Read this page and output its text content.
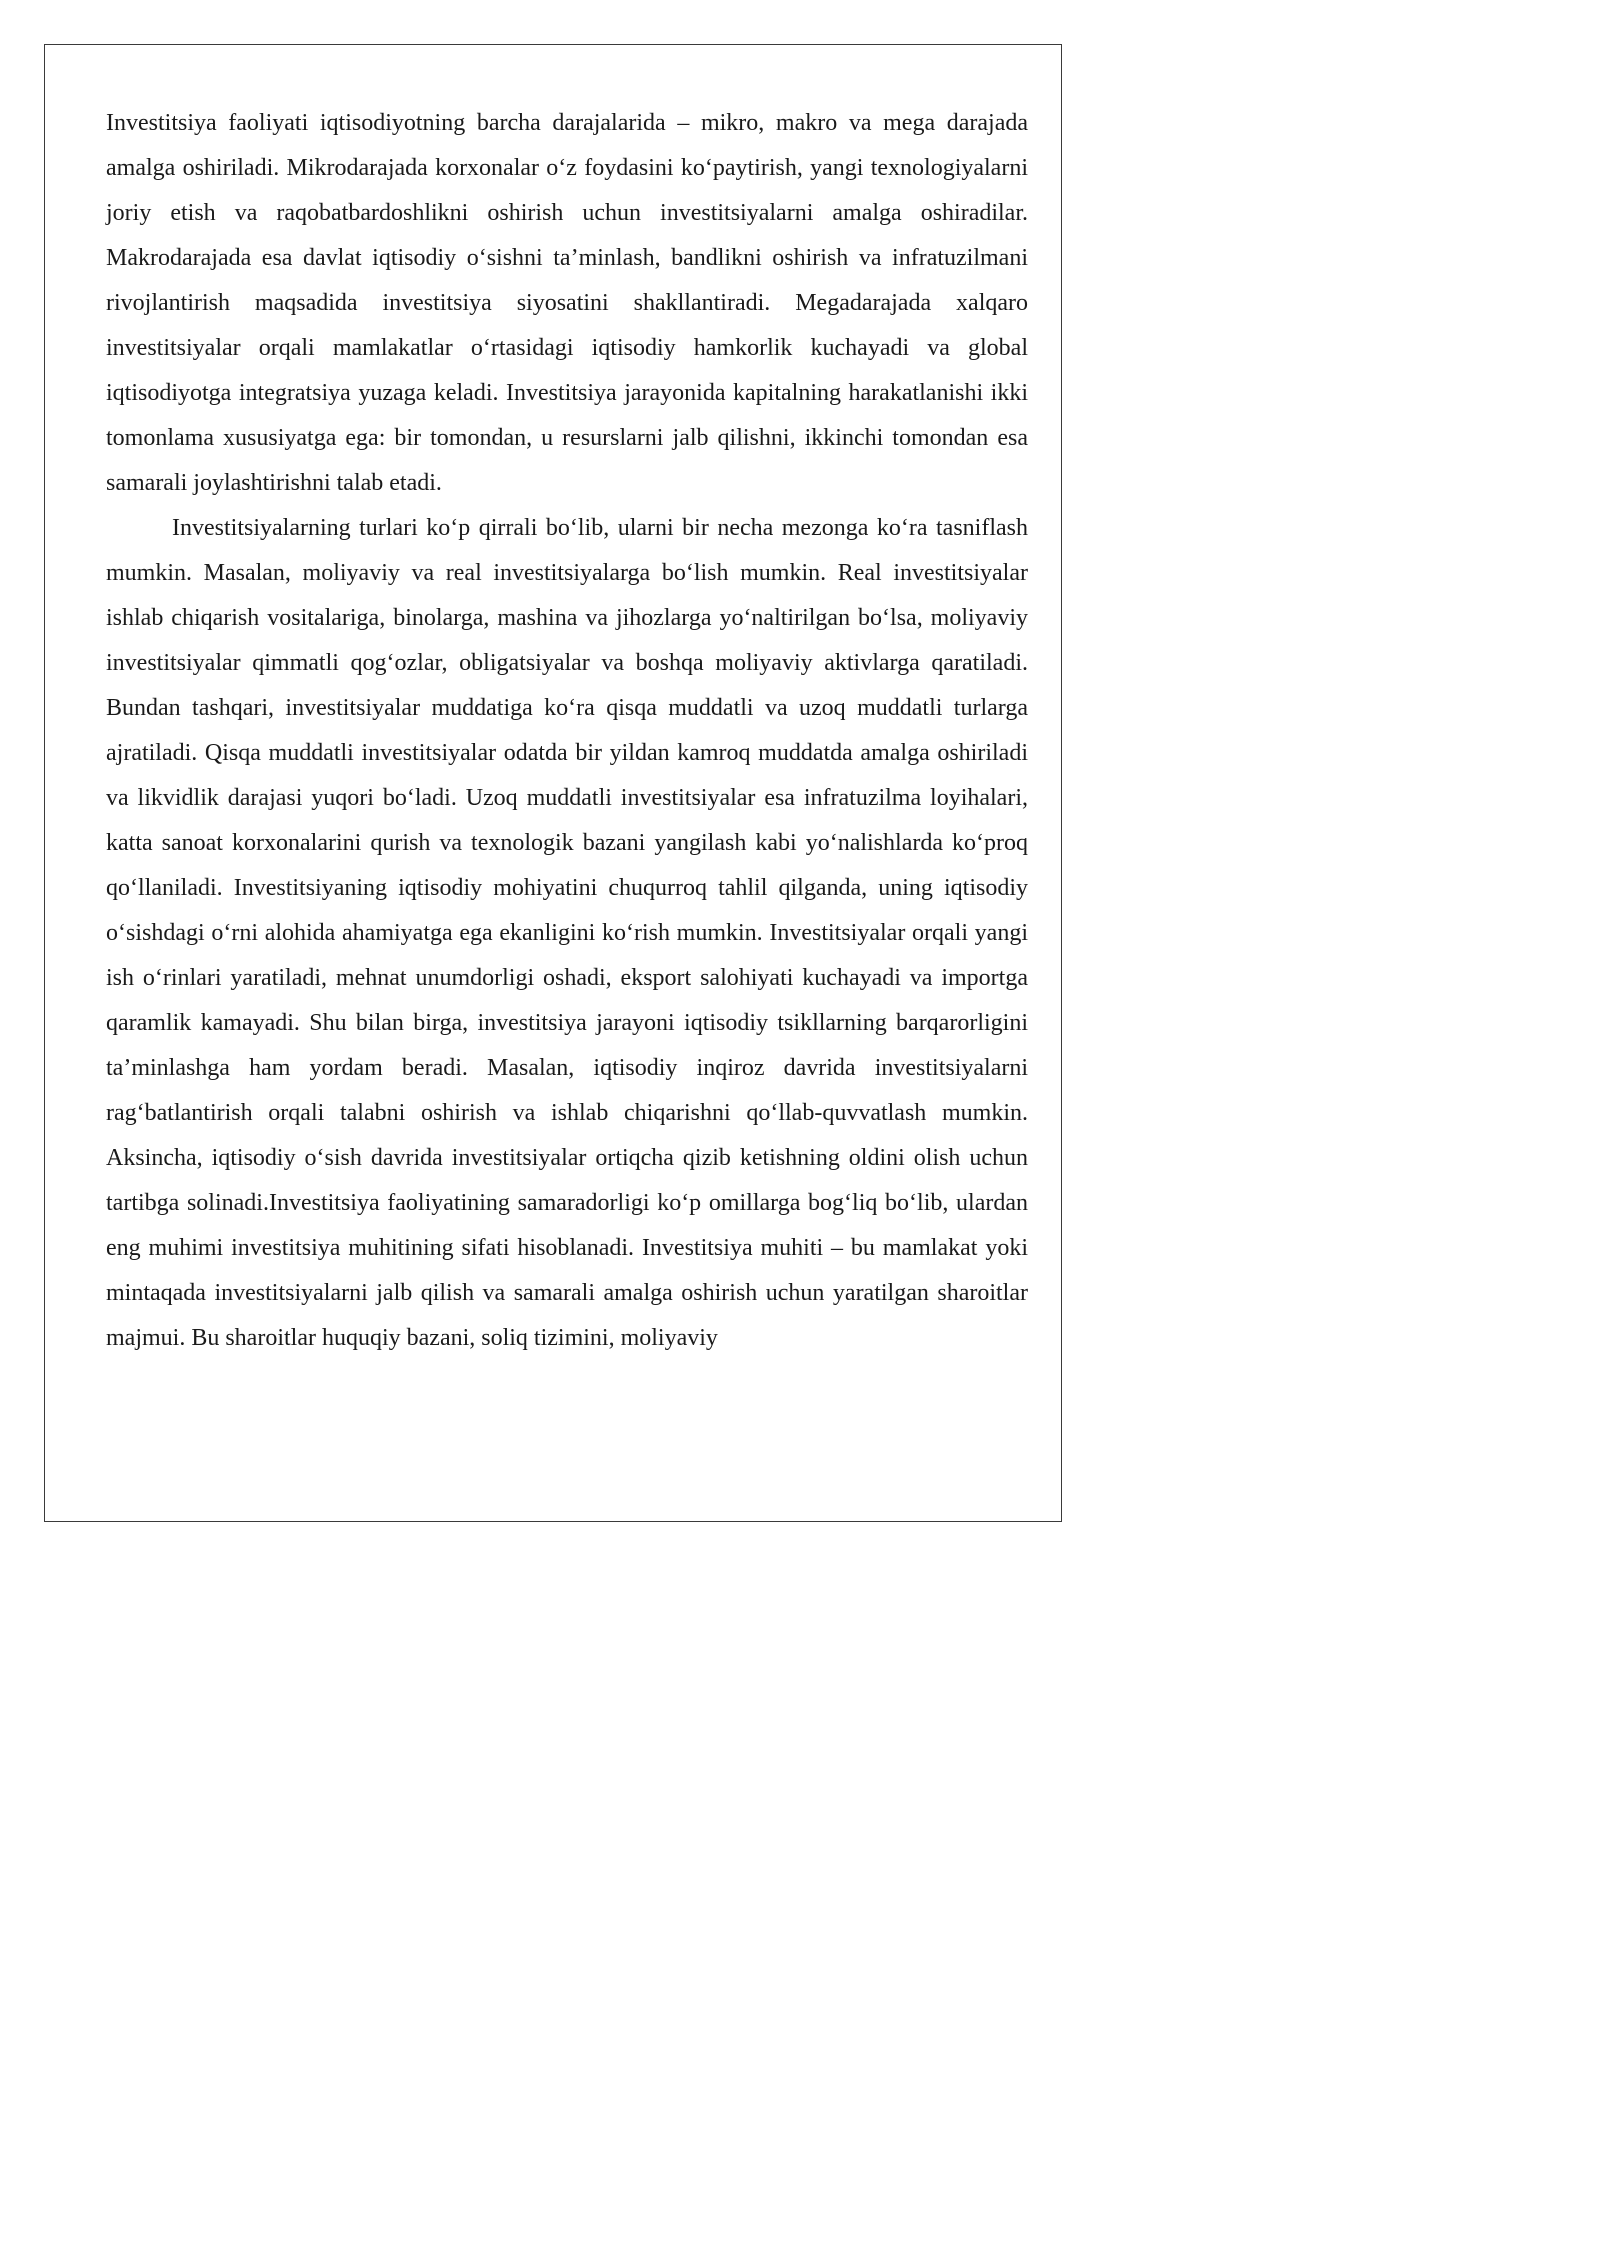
Investitsiya faoliyati iqtisodiyotning barcha darajalarida – mikro, makro va mega darajada amalga oshiriladi. Mikrodarajada korxonalar o‘z foydasini ko‘paytirish, yangi texnologiyalarni joriy etish va raqobatbardoshlikni oshirish uchun investitsiyalarni amalga oshiradilar. Makrodarajada esa davlat iqtisodiy o‘sishni ta’minlash, bandlikni oshirish va infratuzilmani rivojlantirish maqsadida investitsiya siyosatini shakllantiradi. Megadarajada xalqaro investitsiyalar orqali mamlakatlar o‘rtasidagi iqtisodiy hamkorlik kuchayadi va global iqtisodiyotga integratsiya yuzaga keladi. Investitsiya jarayonida kapitalning harakatlanishi ikki tomonlama xususiyatga ega: bir tomondan, u resurslarni jalb qilishni, ikkinchi tomondan esa samarali joylashtirishni talab etadi.

Investitsiyalarning turlari ko‘p qirrali bo‘lib, ularni bir necha mezonga ko‘ra tasniflash mumkin. Masalan, moliyaviy va real investitsiyalarga bo‘lish mumkin. Real investitsiyalar ishlab chiqarish vositalariga, binolarga, mashina va jihozlarga yo‘naltirilgan bo‘lsa, moliyaviy investitsiyalar qimmatli qog‘ozlar, obligatsiyalar va boshqa moliyaviy aktivlarga qaratiladi. Bundan tashqari, investitsiyalar muddatiga ko‘ra qisqa muddatli va uzoq muddatli turlarga ajratiladi. Qisqa muddatli investitsiyalar odatda bir yildan kamroq muddatda amalga oshiriladi va likvidlik darajasi yuqori bo‘ladi. Uzoq muddatli investitsiyalar esa infratuzilma loyihalari, katta sanoat korxonalarini qurish va texnologik bazani yangilash kabi yo‘nalishlarda ko‘proq qo‘llaniladi. Investitsiyaning iqtisodiy mohiyatini chuqurroq tahlil qilganda, uning iqtisodiy o‘sishdagi o‘rni alohida ahamiyatga ega ekanligini ko‘rish mumkin. Investitsiyalar orqali yangi ish o‘rinlari yaratiladi, mehnat unumdorligi oshadi, eksport salohiyati kuchayadi va importga qaramlik kamayadi. Shu bilan birga, investitsiya jarayoni iqtisodiy tsikllarning barqarorligini ta’minlashga ham yordam beradi. Masalan, iqtisodiy inqiroz davrida investitsiyalarni rag‘batlantirish orqali talabni oshirish va ishlab chiqarishni qo‘llab-quvvatlash mumkin. Aksincha, iqtisodiy o‘sish davrida investitsiyalar ortiqcha qizib ketishning oldini olish uchun tartibga solinadi.Investitsiya faoliyatining samaradorligi ko‘p omillarga bog‘liq bo‘lib, ulardan eng muhimi investitsiya muhitining sifati hisoblanadi. Investitsiya muhiti – bu mamlakat yoki mintaqada investitsiyalarni jalb qilish va samarali amalga oshirish uchun yaratilgan sharoitlar majmui. Bu sharoitlar huquqiy bazani, soliq tizimini, moliyaviy
